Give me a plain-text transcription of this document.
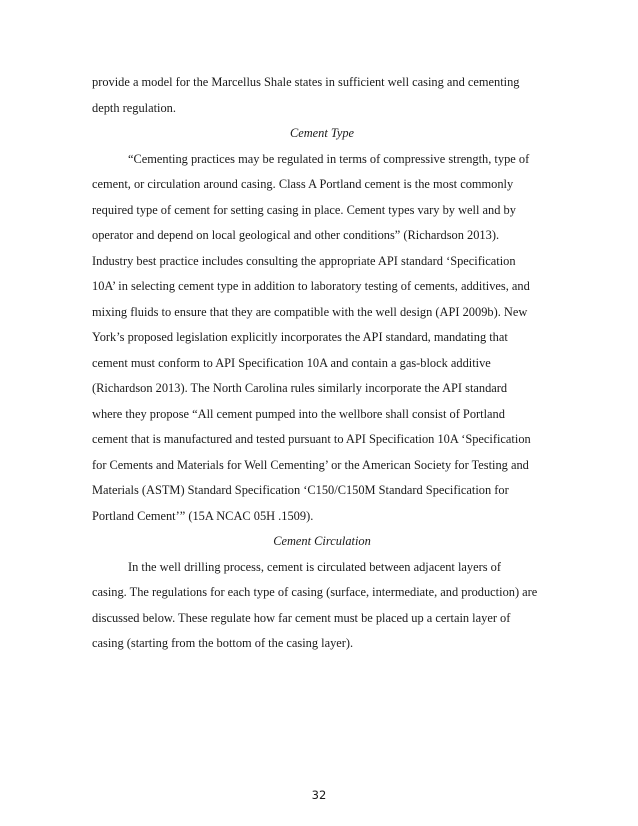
provide a model for the Marcellus Shale states in sufficient well casing and cementing
depth regulation.
Cement Type
“Cementing practices may be regulated in terms of compressive strength, type of
cement, or circulation around casing. Class A Portland cement is the most commonly
required type of cement for setting casing in place. Cement types vary by well and by
operator and depend on local geological and other conditions” (Richardson 2013).
Industry best practice includes consulting the appropriate API standard ‘Specification
10A’ in selecting cement type in addition to laboratory testing of cements, additives, and
mixing fluids to ensure that they are compatible with the well design (API 2009b). New
York’s proposed legislation explicitly incorporates the API standard, mandating that
cement must conform to API Specification 10A and contain a gas-block additive
(Richardson 2013). The North Carolina rules similarly incorporate the API standard
where they propose “All cement pumped into the wellbore shall consist of Portland
cement that is manufactured and tested pursuant to API Specification 10A ‘Specification
for Cements and Materials for Well Cementing’ or the American Society for Testing and
Materials (ASTM) Standard Specification ‘C150/C150M Standard Specification for
Portland Cement’” (15A NCAC 05H .1509).
Cement Circulation
In the well drilling process, cement is circulated between adjacent layers of
casing. The regulations for each type of casing (surface, intermediate, and production) are
discussed below. These regulate how far cement must be placed up a certain layer of
casing (starting from the bottom of the casing layer).
32
